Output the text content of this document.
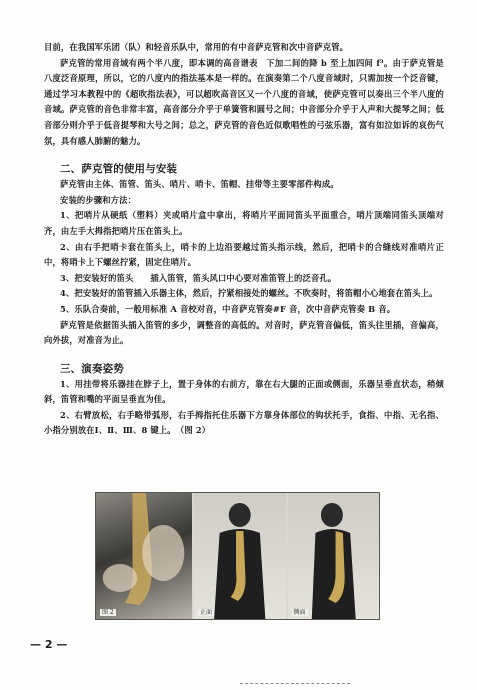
目前，在我国军乐团（队）和轻音乐队中，常用的有中音萨克管和次中音萨克管。

萨克管的常用音域有两个半八度，即本调的高音谱表　下加二间的降 b 至上加四间 f³。由于萨克管是八度泛音原理，所以，它的八度内的指法基本是一样的。在演奏第二个八度音域时，只需加按一个泛音键，通过学习本教程中的《超吹指法表》，可以超吹高音区又一个八度的音域，使萨克管可以奏出三个半八度的音域。萨克管的音色非常丰富，高音部分介乎于单簧管和圆号之间；中音部分介乎于人声和大提琴之间；低音部分则介乎于低音提琴和大号之间；总之，萨克管的音色近似歌唱性的弓弦乐器，富有如泣如诉的哀伤气氛，具有感人肺腑的魅力。

二、萨克管的使用与安装

萨克管由主体、笛管、笛头、哨片、哨卡、笛帽、挂带等主要零部件构成。

安装的步骤和方法：

1、把哨片从硬纸（塑料）夹或哨片盒中拿出，将哨片平面同笛头平面重合，哨片顶端同笛头顶端对齐，由左手大拇指把哨片压在笛头上。

2、由右手把哨卡套在笛头上，哨卡的上边沿要越过笛头指示线，然后，把哨卡的合缝线对准哨片正中，将哨卡上下螺丝拧紧，固定住哨片。

3、把安装好的笛头　　插入笛管，笛头风口中心要对准笛管上的泛音孔。

4、把安装好的笛管插入乐器主体，然后，拧紧相接处的螺丝。不吹奏时，将笛帽小心地套在笛头上。

5、乐队合奏前，一般用标准 A 音校对音，中音萨克管奏#F 音，次中音萨克管奏 B 音。

萨克管是依据笛头插入笛管的多少，调整音的高低的。对音时，萨克管音偏低，笛头往里插，音偏高，向外拔，对准音为止。

三、演奏姿势

1、用挂带将乐器挂在脖子上，置于身体的右前方，靠在右大腿的正面或侧面，乐器呈垂直状态，稍倾斜，笛管和嘴的平面呈垂直为佳。

2、右臂放松，右手略带弧形，右手拇指托住乐器下方靠身体部位的钩状托手，食指、中指、无名指、小指分别放在Ⅰ、Ⅱ、Ⅲ、8 键上。　（图 2）

图 2	正面	侧面
— 2 —
